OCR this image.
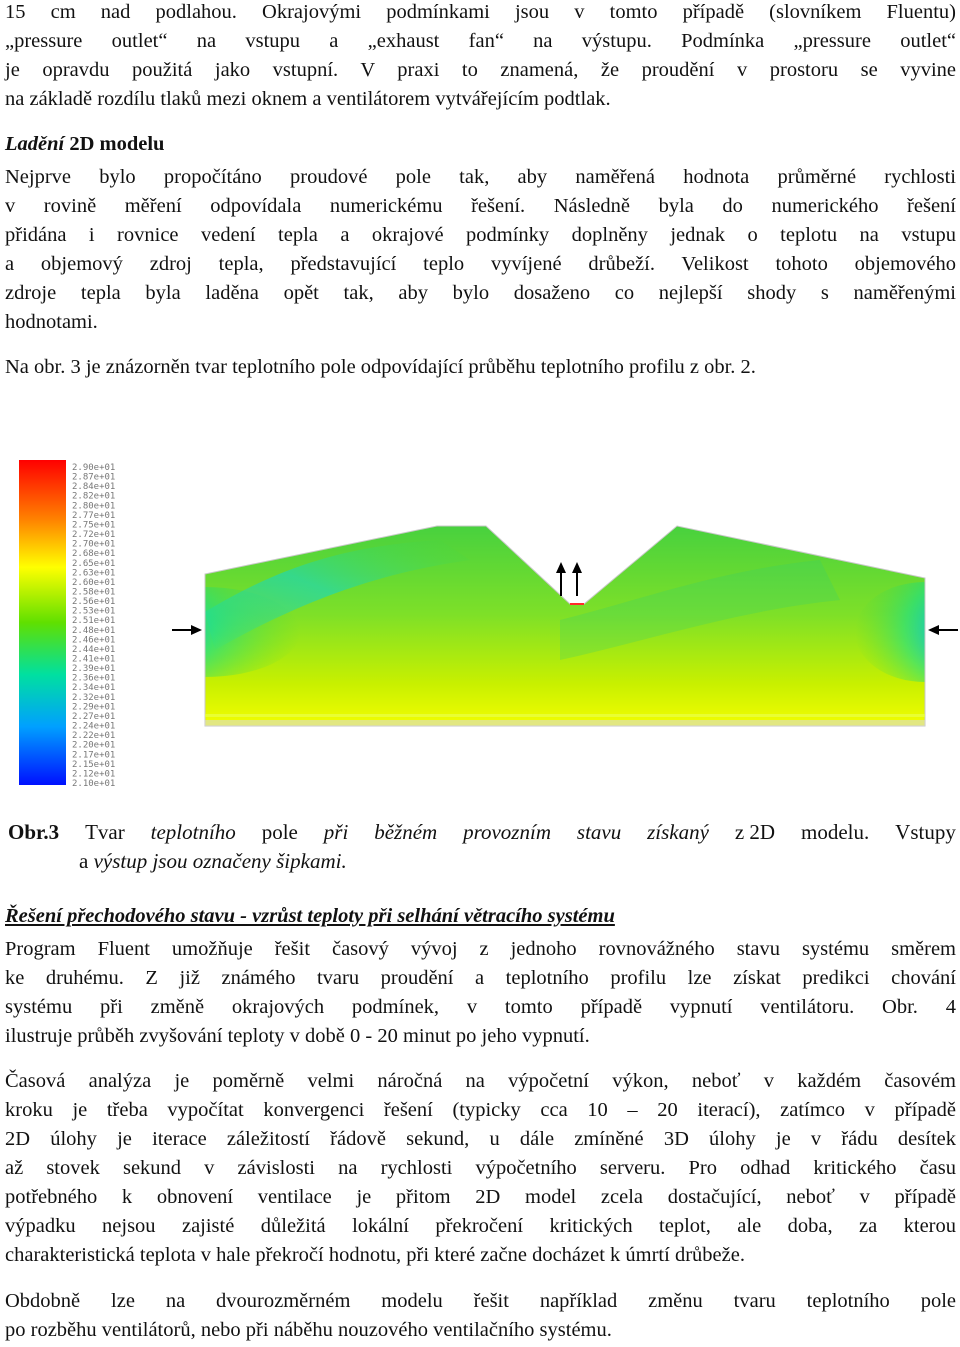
15 cm nad podlahou. Okrajovými podmínkami jsou v tomto případě (slovníkem Fluentu)
„pressure outlet“ na vstupu a „exhaust fan“ na výstupu. Podmínka „pressure outlet“
je opravdu použitá jako vstupní. V praxi to znamená, že proudění v prostoru se vyvine
na základě rozdílu tlaků mezi oknem a ventilátorem vytvářejícím podtlak.
Ladění 2D modelu
Nejprve bylo propočítáno proudové pole tak, aby naměřená hodnota průměrné rychlosti
v rovině měření odpovídala numerickému řešení. Následně byla do numerického řešení
přidána i rovnice vedení tepla a okrajové podmínky doplněny jednak o teplotu na vstupu
a objemový zdroj tepla, představující teplo vyvíjené drůbeží. Velikost tohoto objemového
zdroje tepla byla laděna opět tak, aby bylo dosaženo co nejlepší shody s naměřenými
hodnotami.
Na obr. 3 je znázorněn tvar teplotního pole odpovídající průběhu teplotního profilu z obr. 2.
2.90e+01
2.87e+01
2.84e+01
2.82e+01
2.80e+01
2.77e+01
2.75e+01
2.72e+01
2.70e+01
2.68e+01
2.65e+01
2.63e+01
2.60e+01
2.58e+01
2.56e+01
2.53e+01
2.51e+01
2.48e+01
2.46e+01
2.44e+01
2.41e+01
2.39e+01
2.36e+01
2.34e+01
2.32e+01
2.29e+01
2.27e+01
2.24e+01
2.22e+01
2.20e+01
2.17e+01
2.15e+01
2.12e+01
2.10e+01
Obr.3 Tvar teplotního pole při běžném provozním stavu získaný z 2D modelu. Vstupy
a výstup jsou označeny šipkami.
Řešení přechodového stavu - vzrůst teploty při selhání větracího systému
Program Fluent umožňuje řešit časový vývoj z jednoho rovnovážného stavu systému směrem
ke druhému. Z již známého tvaru proudění a teplotního profilu lze získat predikci chování
systému při změně okrajových podmínek, v tomto případě vypnutí ventilátoru. Obr. 4
ilustruje průběh zvyšování teploty v době 0 - 20 minut po jeho vypnutí.
Časová analýza je poměrně velmi náročná na výpočetní výkon, neboť v každém časovém
kroku je třeba vypočítat konvergenci řešení (typicky cca 10 – 20 iterací), zatímco v případě
2D úlohy je iterace záležitostí řádově sekund, u dále zmíněné 3D úlohy je v řádu desítek
až stovek sekund v závislosti na rychlosti výpočetního serveru. Pro odhad kritického času
potřebného k obnovení ventilace je přitom 2D model zcela dostačující, neboť v případě
výpadku nejsou zajisté důležitá lokální překročení kritických teplot, ale doba, za kterou
charakteristická teplota v hale překročí hodnotu, při které začne docházet k úmrtí drůbeže.
Obdobně lze na dvourozměrném modelu řešit například změnu tvaru teplotního pole
po rozběhu ventilátorů, nebo při náběhu nouzového ventilačního systému.
